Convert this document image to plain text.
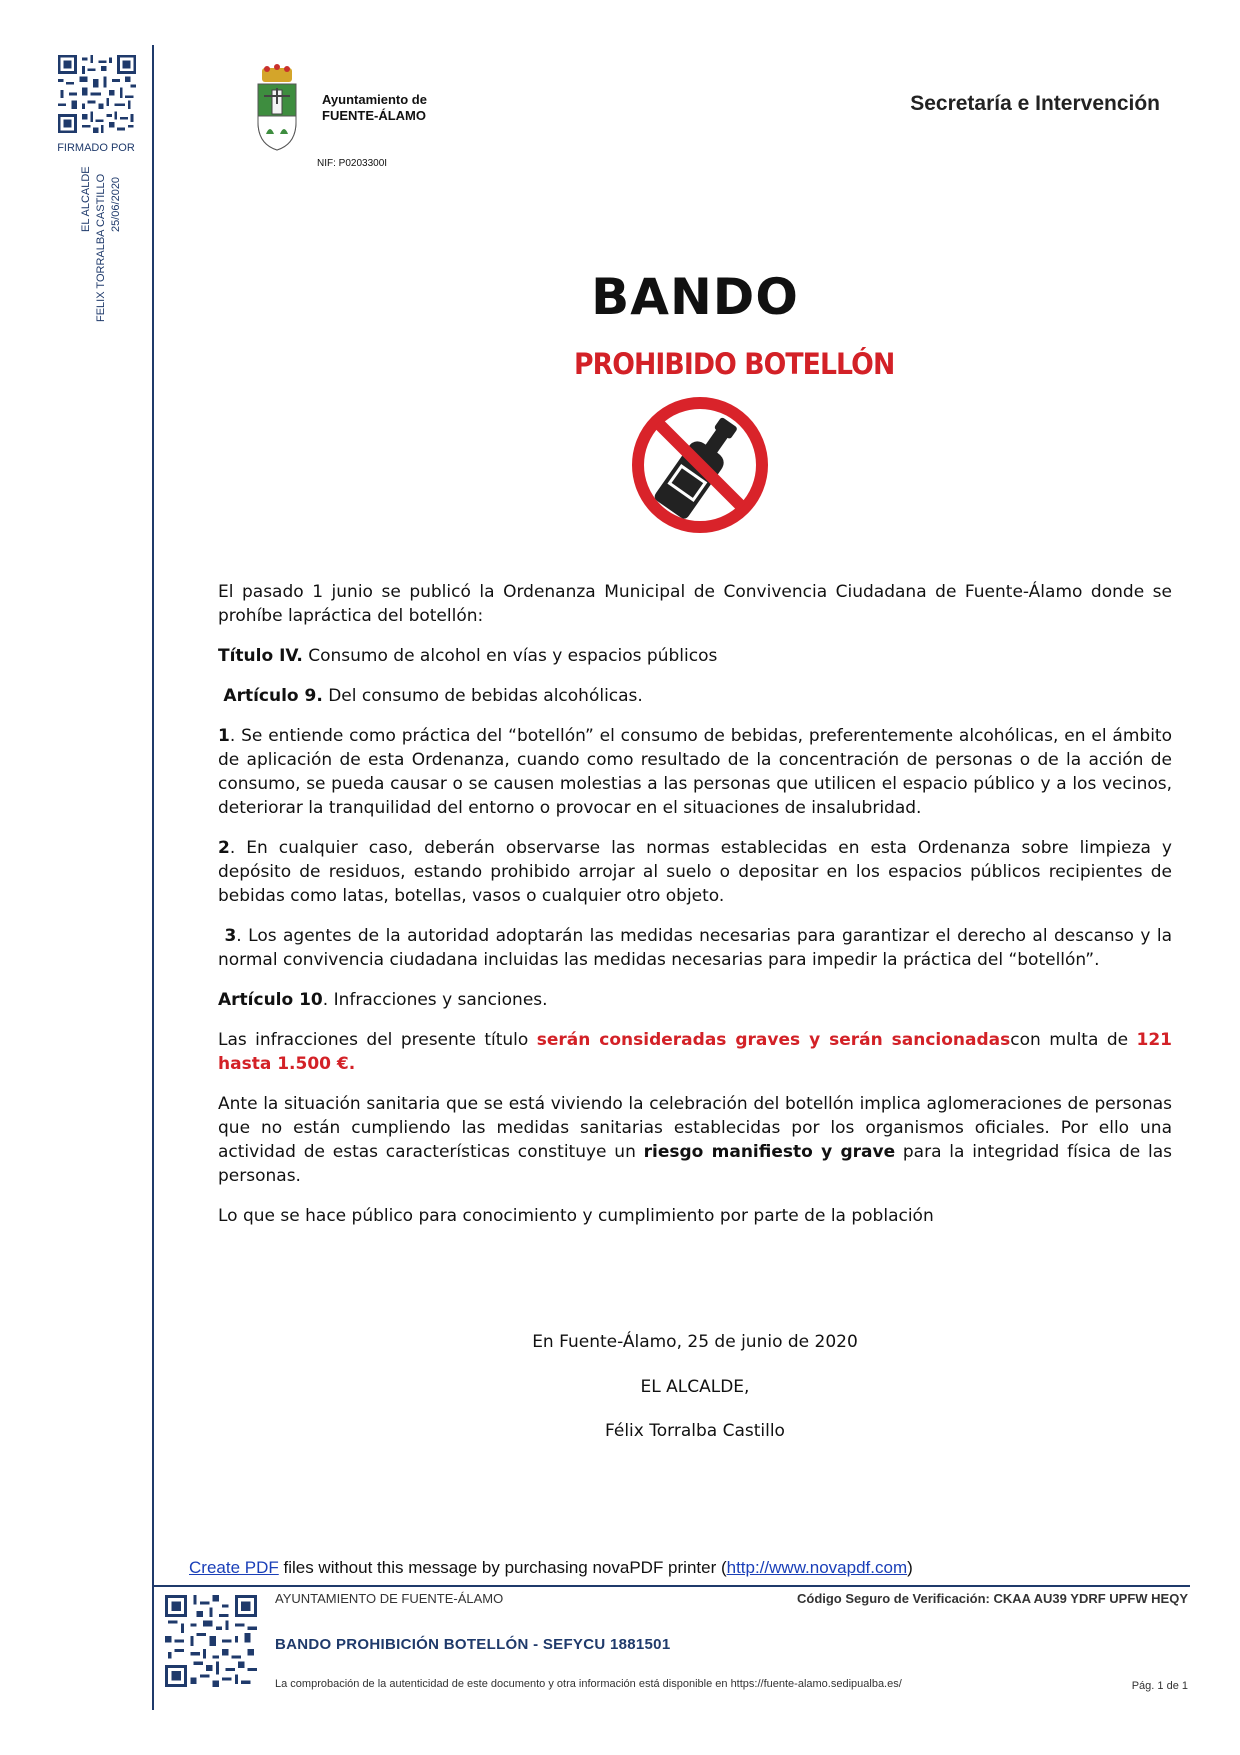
FIRMADO POR
EL ALCALDE FELIX TORRALBA CASTILLO 25/06/2020
Ayuntamiento de
FUENTE-ÁLAMO
NIF: P0203300I
Secretaría e Intervención
BANDO
PROHIBIDO BOTELLÓN

El pasado 1 junio se publicó la Ordenanza Municipal de Convivencia Ciudadana de Fuente-Álamo donde se prohíbe lapráctica del botellón:

Título IV. Consumo de alcohol en vías y espacios públicos

Artículo 9. Del consumo de bebidas alcohólicas.

1. Se entiende como práctica del “botellón” el consumo de bebidas, preferentemente alcohólicas, en el ámbito de aplicación de esta Ordenanza, cuando como resultado de la concentración de personas o de la acción de consumo, se pueda causar o se causen molestias a las personas que utilicen el espacio público y a los vecinos, deteriorar la tranquilidad del entorno o provocar en el situaciones de insalubridad.

2. En cualquier caso, deberán observarse las normas establecidas en esta Ordenanza sobre limpieza y depósito de residuos, estando prohibido arrojar al suelo o depositar en los espacios públicos recipientes de bebidas como latas, botellas, vasos o cualquier otro objeto.

3. Los agentes de la autoridad adoptarán las medidas necesarias para garantizar el derecho al descanso y la normal convivencia ciudadana incluidas las medidas necesarias para impedir la práctica del “botellón”.

Artículo 10. Infracciones y sanciones.

Las infracciones del presente título serán consideradas graves y serán sancionadascon multa de 121 hasta 1.500 €.

Ante la situación sanitaria que se está viviendo la celebración del botellón implica aglomeraciones de personas que no están cumpliendo las medidas sanitarias establecidas por los organismos oficiales. Por ello una actividad de estas características constituye un riesgo manifiesto y grave para la integridad física de las personas.

Lo que se hace público para conocimiento y cumplimiento por parte de la población

En Fuente-Álamo, 25 de junio de 2020
EL ALCALDE,
Félix Torralba Castillo
Create PDF files without this message by purchasing novaPDF printer (http://www.novapdf.com)
AYUNTAMIENTO DE FUENTE-ÁLAMO	Código Seguro de Verificación: CKAA AU39 YDRF UPFW HEQY
BANDO PROHIBICIÓN BOTELLÓN - SEFYCU 1881501
La comprobación de la autenticidad de este documento y otra información está disponible en https://fuente-alamo.sedipualba.es/	Pág. 1 de 1
